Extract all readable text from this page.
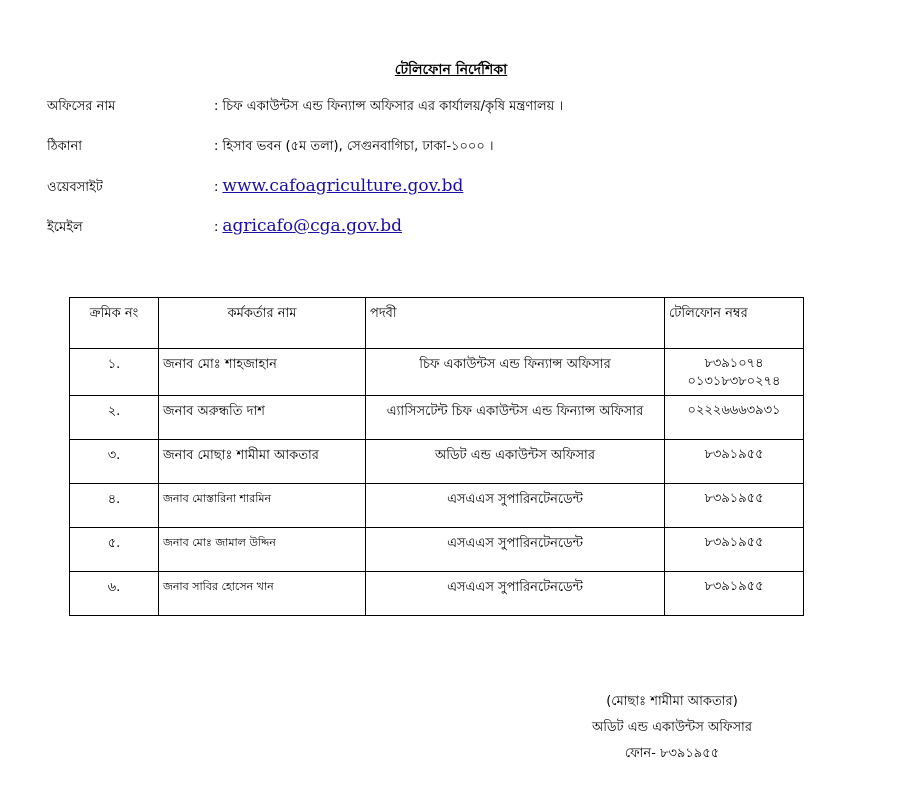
টেলিফোন নির্দেশিকা
অফিসের নাম	: চিফ একাউন্টস এন্ড ফিন্যান্স অফিসার এর কার্যালয়/কৃষি মন্ত্রণালয় ।
ঠিকানা	: হিসাব ভবন (৫ম তলা), সেগুনবাগিচা, ঢাকা-১০০০ ।
ওয়েবসাইট	: www.cafoagriculture.gov.bd
ইমেইল	: agricafo@cga.gov.bd
ক্রমিক নং	কর্মকর্তার নাম	পদবী	টেলিফোন নম্বর
১.	জনাব মোঃ শাহজাহান	চিফ একাউন্টস এন্ড ফিন্যান্স অফিসার	৮৩৯১০৭৪
০১৩১৮৩৮০২৭৪

২.	জনাব অরুন্ধতি দাশ	এ্যাসিসটেন্ট চিফ একাউন্টস এন্ড ফিন্যান্স অফিসার	০২২২৬৬৬৩৯৩১

৩.	জনাব মোছাঃ শামীমা আকতার	অডিট এন্ড একাউন্টস অফিসার	৮৩৯১৯৫৫

৪.	জনাব মোস্তারিনা শারমিন	এসএএস সুপারিনটেনডেন্ট	৮৩৯১৯৫৫

৫.	জনাব মোঃ জামাল উদ্দিন	এসএএস সুপারিনটেনডেন্ট	৮৩৯১৯৫৫

৬.	জনাব সাবির হোসেন খান	এসএএস সুপারিনটেনডেন্ট	৮৩৯১৯৫৫
(মোছাঃ শামীমা আকতার)
অডিট এন্ড একাউন্টস অফিসার
ফোন- ৮৩৯১৯৫৫
